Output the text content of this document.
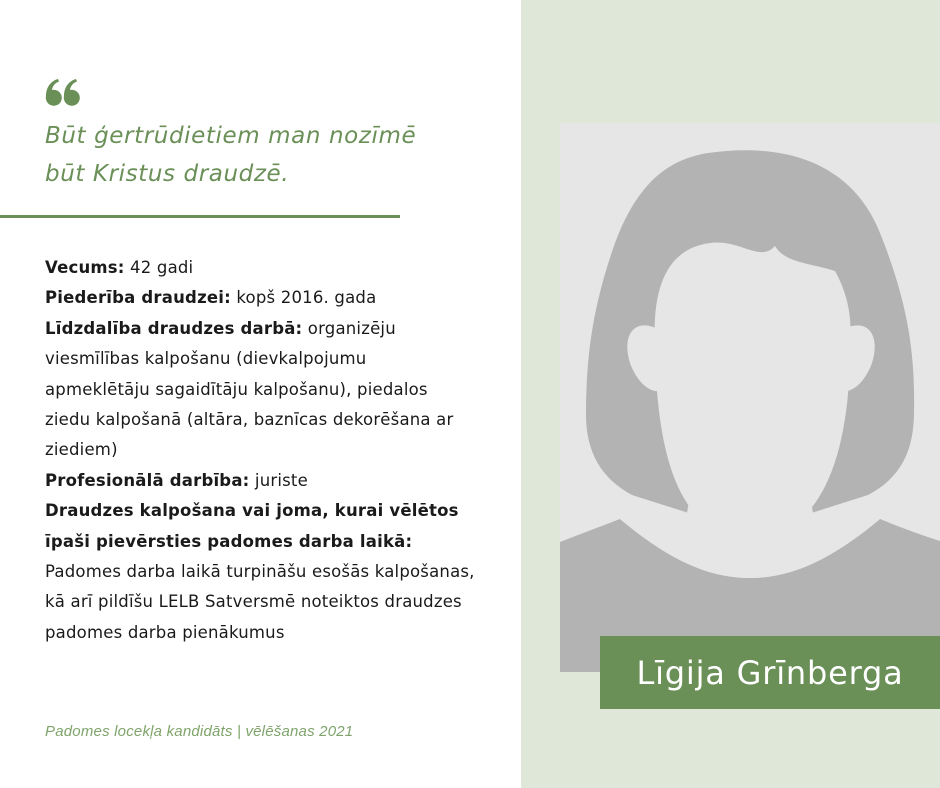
Būt ģertrūdietiem man nozīmē
būt Kristus draudzē.

Vecums: 42 gadi

Piederība draudzei: kopš 2016. gada

Līdzdalība draudzes darbā: organizēju viesmīlības kalpošanu (dievkalpojumu apmeklētāju sagaidītāju kalpošanu), piedalos ziedu kalpošanā (altāra, baznīcas dekorēšana ar ziediem)

Profesionālā darbība: juriste

Draudzes kalpošana vai joma, kurai vēlētos īpaši pievērsties padomes darba laikā: Padomes darba laikā turpināšu esošās kalpošanas, kā arī pildīšu LELB Satversmē noteiktos draudzes padomes darba pienākumus

Padomes locekļa kandidāts | vēlēšanas 2021
Līgija Grīnberga
